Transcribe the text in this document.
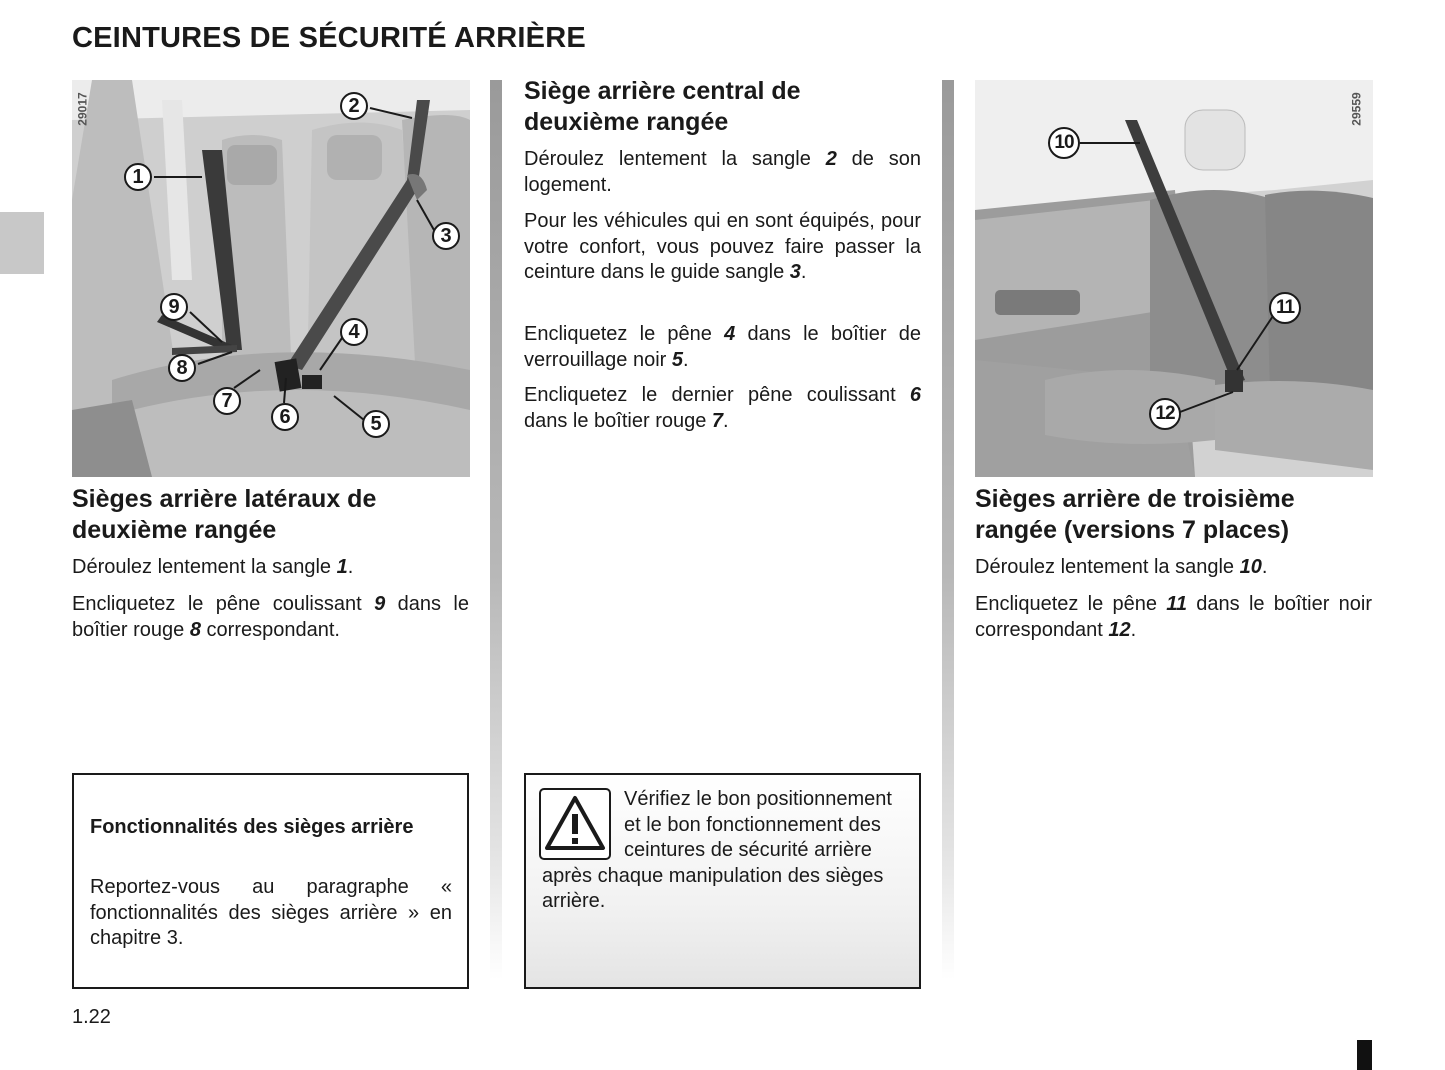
CEINTURES DE SÉCURITÉ ARRIÈRE
29017
1
2
3
4
5
6
7
8
9
29559
10
11
12
Sièges arrière latéraux de deuxième rangée

Déroulez lentement la sangle 1.

Encliquetez le pêne coulissant 9 dans le boîtier rouge 8 correspondant.

Siège arrière central de deuxième rangée

Déroulez lentement la sangle 2 de son logement.

Pour les véhicules qui en sont équipés, pour votre confort, vous pouvez faire passer la ceinture dans le guide sangle 3.

Encliquetez le pêne 4 dans le boîtier de verrouillage noir 5.

Encliquetez le dernier pêne coulissant 6 dans le boîtier rouge 7.

Sièges arrière de troisième rangée (versions 7 places)

Déroulez lentement la sangle 10.

Encliquetez le pêne 11 dans le boîtier noir correspondant 12.

Fonctionnalités des sièges arrière

Reportez-vous au paragraphe « fonctionnalités des sièges arrière » en chapitre 3.

Vérifiez le bon positionnement et le bon fonctionnement des ceintures de sécurité arrière après chaque manipulation des sièges arrière.

1.22
